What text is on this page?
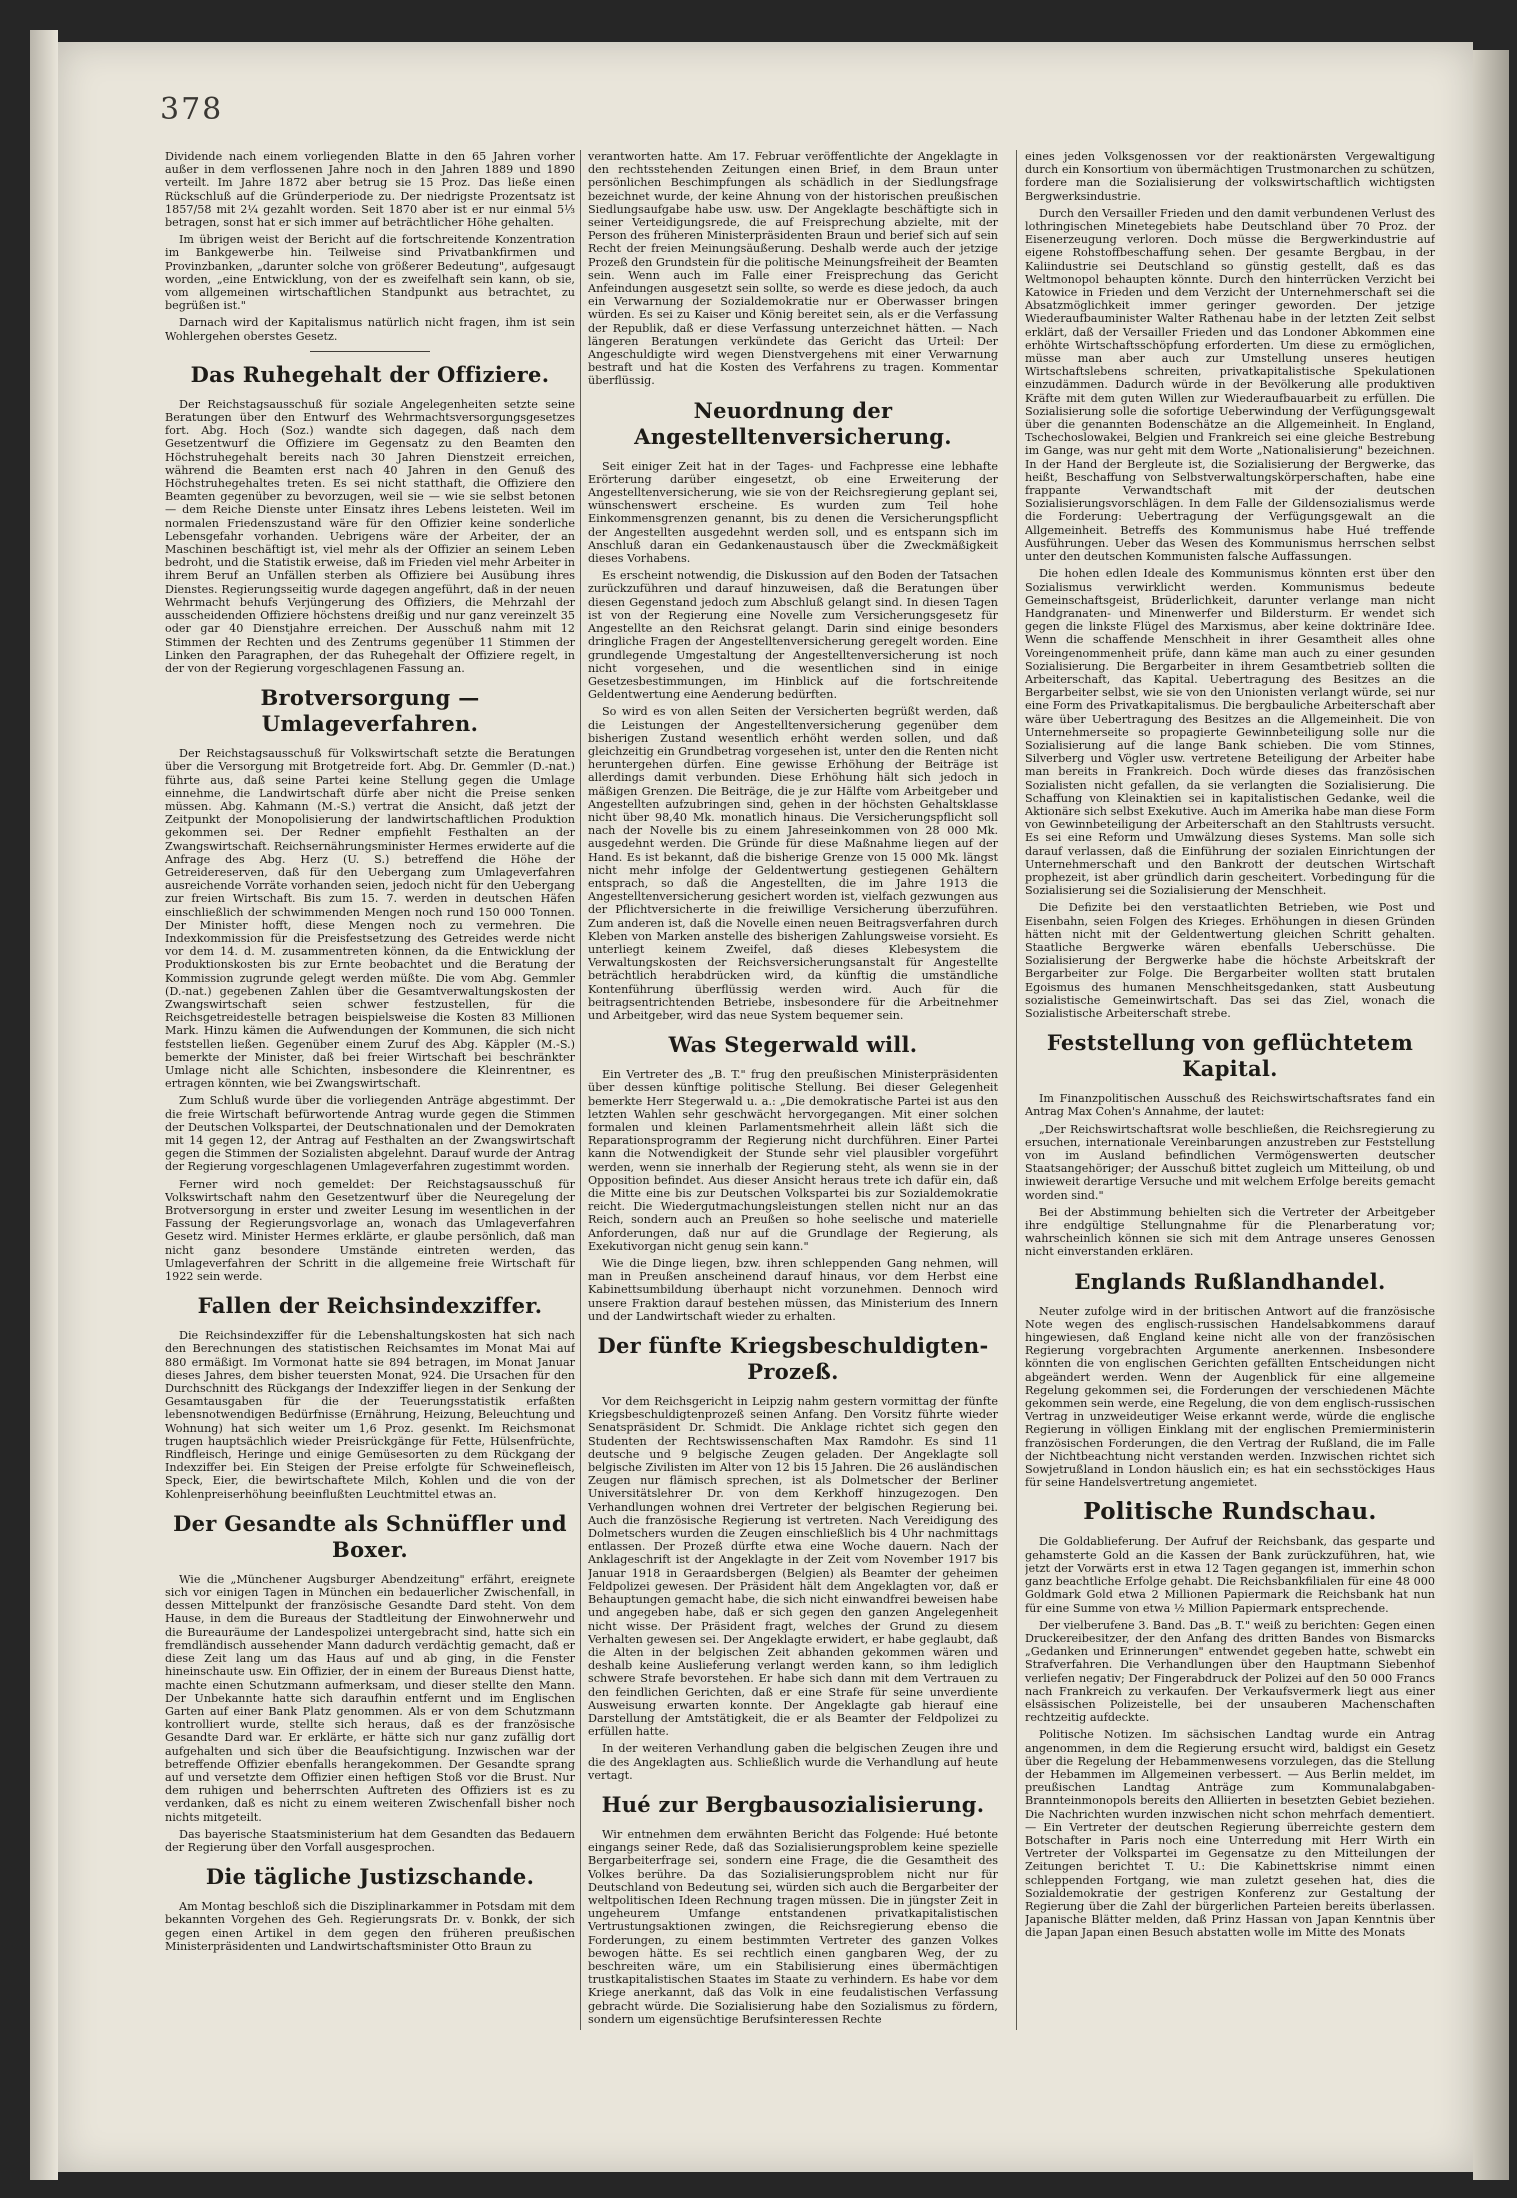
378

Dividende nach einem vorliegenden Blatte in den 65 Jahren vorher außer in dem verflossenen Jahre noch in den Jahren 1889 und 1890 verteilt. Im Jahre 1872 aber betrug sie 15 Proz. Das ließe einen Rückschluß auf die Gründerperiode zu. Der niedrigste Prozentsatz ist 1857/58 mit 2¼ gezahlt worden. Seit 1870 aber ist er nur einmal 5⅓ betragen, sonst hat er sich immer auf beträchtlicher Höhe gehalten.

Im übrigen weist der Bericht auf die fortschreitende Konzentration im Bankgewerbe hin. Teilweise sind Privatbankfirmen und Provinzbanken, „darunter solche von größerer Bedeutung", aufgesaugt worden, „eine Entwicklung, von der es zweifelhaft sein kann, ob sie, vom allgemeinen wirtschaftlichen Standpunkt aus betrachtet, zu begrüßen ist."

Darnach wird der Kapitalismus natürlich nicht fragen, ihm ist sein Wohlergehen oberstes Gesetz.

Das Ruhegehalt der Offiziere.

Der Reichstagsausschuß für soziale Angelegenheiten setzte seine Beratungen über den Entwurf des Wehrmachtsversorgungsgesetzes fort. Abg. Hoch (Soz.) wandte sich dagegen, daß nach dem Gesetzentwurf die Offiziere im Gegensatz zu den Beamten den Höchstruhegehalt bereits nach 30 Jahren Dienstzeit erreichen, während die Beamten erst nach 40 Jahren in den Genuß des Höchstruhegehaltes treten. Es sei nicht statthaft, die Offiziere den Beamten gegenüber zu bevorzugen, weil sie — wie sie selbst betonen — dem Reiche Dienste unter Einsatz ihres Lebens leisteten. Weil im normalen Friedenszustand wäre für den Offizier keine sonderliche Lebensgefahr vorhanden. Uebrigens wäre der Arbeiter, der an Maschinen beschäftigt ist, viel mehr als der Offizier an seinem Leben bedroht, und die Statistik erweise, daß im Frieden viel mehr Arbeiter in ihrem Beruf an Unfällen sterben als Offiziere bei Ausübung ihres Dienstes. Regierungsseitig wurde dagegen angeführt, daß in der neuen Wehrmacht behufs Verjüngerung des Offiziers, die Mehrzahl der ausscheidenden Offiziere höchstens dreißig und nur ganz vereinzelt 35 oder gar 40 Dienstjahre erreichen. Der Ausschuß nahm mit 12 Stimmen der Rechten und des Zentrums gegenüber 11 Stimmen der Linken den Paragraphen, der das Ruhegehalt der Offiziere regelt, in der von der Regierung vorgeschlagenen Fassung an.

Brotversorgung — Umlageverfahren.

Der Reichstagsausschuß für Volkswirtschaft setzte die Beratungen über die Versorgung mit Brotgetreide fort. Abg. Dr. Gemmler (D.-nat.) führte aus, daß seine Partei keine Stellung gegen die Umlage einnehme, die Landwirtschaft dürfe aber nicht die Preise senken müssen. Abg. Kahmann (M.-S.) vertrat die Ansicht, daß jetzt der Zeitpunkt der Monopolisierung der landwirtschaftlichen Produktion gekommen sei. Der Redner empfiehlt Festhalten an der Zwangswirtschaft. Reichsernährungsminister Hermes erwiderte auf die Anfrage des Abg. Herz (U. S.) betreffend die Höhe der Getreidereserven, daß für den Uebergang zum Umlageverfahren ausreichende Vorräte vorhanden seien, jedoch nicht für den Uebergang zur freien Wirtschaft. Bis zum 15. 7. werden in deutschen Häfen einschließlich der schwimmenden Mengen noch rund 150 000 Tonnen. Der Minister hofft, diese Mengen noch zu vermehren. Die Indexkommission für die Preisfestsetzung des Getreides werde nicht vor dem 14. d. M. zusammentreten können, da die Entwicklung der Produktionskosten bis zur Ernte beobachtet und die Beratung der Kommission zugrunde gelegt werden müßte. Die vom Abg. Gemmler (D.-nat.) gegebenen Zahlen über die Gesamtverwaltungskosten der Zwangswirtschaft seien schwer festzustellen, für die Reichsgetreidestelle betragen beispielsweise die Kosten 83 Millionen Mark. Hinzu kämen die Aufwendungen der Kommunen, die sich nicht feststellen ließen. Gegenüber einem Zuruf des Abg. Käppler (M.-S.) bemerkte der Minister, daß bei freier Wirtschaft bei beschränkter Umlage nicht alle Schichten, insbesondere die Kleinrentner, es ertragen könnten, wie bei Zwangswirtschaft.

Zum Schluß wurde über die vorliegenden Anträge abgestimmt. Der die freie Wirtschaft befürwortende Antrag wurde gegen die Stimmen der Deutschen Volkspartei, der Deutschnationalen und der Demokraten mit 14 gegen 12, der Antrag auf Festhalten an der Zwangswirtschaft gegen die Stimmen der Sozialisten abgelehnt. Darauf wurde der Antrag der Regierung vorgeschlagenen Umlageverfahren zugestimmt worden.

Ferner wird noch gemeldet: Der Reichstagsausschuß für Volkswirtschaft nahm den Gesetzentwurf über die Neuregelung der Brotversorgung in erster und zweiter Lesung im wesentlichen in der Fassung der Regierungsvorlage an, wonach das Umlageverfahren Gesetz wird. Minister Hermes erklärte, er glaube persönlich, daß man nicht ganz besondere Umstände eintreten werden, das Umlageverfahren der Schritt in die allgemeine freie Wirtschaft für 1922 sein werde.

Fallen der Reichsindexziffer.

Die Reichsindexziffer für die Lebenshaltungskosten hat sich nach den Berechnungen des statistischen Reichsamtes im Monat Mai auf 880 ermäßigt. Im Vormonat hatte sie 894 betragen, im Monat Januar dieses Jahres, dem bisher teuersten Monat, 924. Die Ursachen für den Durchschnitt des Rückgangs der Indexziffer liegen in der Senkung der Gesamtausgaben für die der Teuerungsstatistik erfaßten lebensnotwendigen Bedürfnisse (Ernährung, Heizung, Beleuchtung und Wohnung) hat sich weiter um 1,6 Proz. gesenkt. Im Reichsmonat trugen hauptsächlich wieder Preisrückgänge für Fette, Hülsenfrüchte, Rindfleisch, Heringe und einige Gemüsesorten zu dem Rückgang der Indexziffer bei. Ein Steigen der Preise erfolgte für Schweinefleisch, Speck, Eier, die bewirtschaftete Milch, Kohlen und die von der Kohlenpreiserhöhung beeinflußten Leuchtmittel etwas an.

Der Gesandte als Schnüffler und Boxer.

Wie die „Münchener Augsburger Abendzeitung" erfährt, ereignete sich vor einigen Tagen in München ein bedauerlicher Zwischenfall, in dessen Mittelpunkt der französische Gesandte Dard steht. Von dem Hause, in dem die Bureaus der Stadtleitung der Einwohnerwehr und die Bureauräume der Landespolizei untergebracht sind, hatte sich ein fremdländisch aussehender Mann dadurch verdächtig gemacht, daß er diese Zeit lang um das Haus auf und ab ging, in die Fenster hineinschaute usw. Ein Offizier, der in einem der Bureaus Dienst hatte, machte einen Schutzmann aufmerksam, und dieser stellte den Mann. Der Unbekannte hatte sich daraufhin entfernt und im Englischen Garten auf einer Bank Platz genommen. Als er von dem Schutzmann kontrolliert wurde, stellte sich heraus, daß es der französische Gesandte Dard war. Er erklärte, er hätte sich nur ganz zufällig dort aufgehalten und sich über die Beaufsichtigung. Inzwischen war der betreffende Offizier ebenfalls herangekommen. Der Gesandte sprang auf und versetzte dem Offizier einen heftigen Stoß vor die Brust. Nur dem ruhigen und beherrschten Auftreten des Offiziers ist es zu verdanken, daß es nicht zu einem weiteren Zwischenfall bisher noch nichts mitgeteilt.

Das bayerische Staatsministerium hat dem Gesandten das Bedauern der Regierung über den Vorfall ausgesprochen.

Die tägliche Justizschande.

Am Montag beschloß sich die Disziplinarkammer in Potsdam mit dem bekannten Vorgehen des Geh. Regierungsrats Dr. v. Bonkk, der sich gegen einen Artikel in dem gegen den früheren preußischen Ministerpräsidenten und Landwirtschaftsminister Otto Braun zu

verantworten hatte. Am 17. Februar veröffentlichte der Angeklagte in den rechtsstehenden Zeitungen einen Brief, in dem Braun unter persönlichen Beschimpfungen als schädlich in der Siedlungsfrage bezeichnet wurde, der keine Ahnung von der historischen preußischen Siedlungsaufgabe habe usw. usw. Der Angeklagte beschäftigte sich in seiner Verteidigungsrede, die auf Freisprechung abzielte, mit der Person des früheren Ministerpräsidenten Braun und berief sich auf sein Recht der freien Meinungsäußerung. Deshalb werde auch der jetzige Prozeß den Grundstein für die politische Meinungsfreiheit der Beamten sein. Wenn auch im Falle einer Freisprechung das Gericht Anfeindungen ausgesetzt sein sollte, so werde es diese jedoch, da auch ein Verwarnung der Sozialdemokratie nur er Oberwasser bringen würden. Es sei zu Kaiser und König bereitet sein, als er die Verfassung der Republik, daß er diese Verfassung unterzeichnet hätten. — Nach längeren Beratungen verkündete das Gericht das Urteil: Der Angeschuldigte wird wegen Dienstvergehens mit einer Verwarnung bestraft und hat die Kosten des Verfahrens zu tragen. Kommentar überflüssig.

Neuordnung der Angestelltenversicherung.

Seit einiger Zeit hat in der Tages- und Fachpresse eine lebhafte Erörterung darüber eingesetzt, ob eine Erweiterung der Angestelltenversicherung, wie sie von der Reichsregierung geplant sei, wünschenswert erscheine. Es wurden zum Teil hohe Einkommensgrenzen genannt, bis zu denen die Versicherungspflicht der Angestellten ausgedehnt werden soll, und es entspann sich im Anschluß daran ein Gedankenaustausch über die Zweckmäßigkeit dieses Vorhabens.

Es erscheint notwendig, die Diskussion auf den Boden der Tatsachen zurückzuführen und darauf hinzuweisen, daß die Beratungen über diesen Gegenstand jedoch zum Abschluß gelangt sind. In diesen Tagen ist von der Regierung eine Novelle zum Versicherungsgesetz für Angestellte an den Reichsrat gelangt. Darin sind einige besonders dringliche Fragen der Angestelltenversicherung geregelt worden. Eine grundlegende Umgestaltung der Angestelltenversicherung ist noch nicht vorgesehen, und die wesentlichen sind in einige Gesetzesbestimmungen, im Hinblick auf die fortschreitende Geldentwertung eine Aenderung bedürften.

So wird es von allen Seiten der Versicherten begrüßt werden, daß die Leistungen der Angestelltenversicherung gegenüber dem bisherigen Zustand wesentlich erhöht werden sollen, und daß gleichzeitig ein Grundbetrag vorgesehen ist, unter den die Renten nicht heruntergehen dürfen. Eine gewisse Erhöhung der Beiträge ist allerdings damit verbunden. Diese Erhöhung hält sich jedoch in mäßigen Grenzen. Die Beiträge, die je zur Hälfte vom Arbeitgeber und Angestellten aufzubringen sind, gehen in der höchsten Gehaltsklasse nicht über 98,40 Mk. monatlich hinaus. Die Versicherungspflicht soll nach der Novelle bis zu einem Jahreseinkommen von 28 000 Mk. ausgedehnt werden. Die Gründe für diese Maßnahme liegen auf der Hand. Es ist bekannt, daß die bisherige Grenze von 15 000 Mk. längst nicht mehr infolge der Geldentwertung gestiegenen Gehältern entsprach, so daß die Angestellten, die im Jahre 1913 die Angestelltenversicherung gesichert worden ist, vielfach gezwungen aus der Pflichtversicherte in die freiwillige Versicherung überzuführen. Zum anderen ist, daß die Novelle einen neuen Beitragsverfahren durch Kleben von Marken anstelle des bisherigen Zahlungsweise vorsieht. Es unterliegt keinem Zweifel, daß dieses Klebesystem die Verwaltungskosten der Reichsversicherungsanstalt für Angestellte beträchtlich herabdrücken wird, da künftig die umständliche Kontenführung überflüssig werden wird. Auch für die beitragsentrichtenden Betriebe, insbesondere für die Arbeitnehmer und Arbeitgeber, wird das neue System bequemer sein.

Was Stegerwald will.

Ein Vertreter des „B. T." frug den preußischen Ministerpräsidenten über dessen künftige politische Stellung. Bei dieser Gelegenheit bemerkte Herr Stegerwald u. a.: „Die demokratische Partei ist aus den letzten Wahlen sehr geschwächt hervorgegangen. Mit einer solchen formalen und kleinen Parlamentsmehrheit allein läßt sich die Reparationsprogramm der Regierung nicht durchführen. Einer Partei kann die Notwendigkeit der Stunde sehr viel plausibler vorgeführt werden, wenn sie innerhalb der Regierung steht, als wenn sie in der Opposition befindet. Aus dieser Ansicht heraus trete ich dafür ein, daß die Mitte eine bis zur Deutschen Volkspartei bis zur Sozialdemokratie reicht. Die Wiedergutmachungsleistungen stellen nicht nur an das Reich, sondern auch an Preußen so hohe seelische und materielle Anforderungen, daß nur auf die Grundlage der Regierung, als Exekutivorgan nicht genug sein kann."

Wie die Dinge liegen, bzw. ihren schleppenden Gang nehmen, will man in Preußen anscheinend darauf hinaus, vor dem Herbst eine Kabinettsumbildung überhaupt nicht vorzunehmen. Dennoch wird unsere Fraktion darauf bestehen müssen, das Ministerium des Innern und der Landwirtschaft wieder zu erhalten.

Der fünfte Kriegsbeschuldigten-Prozeß.

Vor dem Reichsgericht in Leipzig nahm gestern vormittag der fünfte Kriegsbeschuldigtenprozeß seinen Anfang. Den Vorsitz führte wieder Senatspräsident Dr. Schmidt. Die Anklage richtet sich gegen den Studenten der Rechtswissenschaften Max Ramdohr. Es sind 11 deutsche und 9 belgische Zeugen geladen. Der Angeklagte soll belgische Zivilisten im Alter von 12 bis 15 Jahren. Die 26 ausländischen Zeugen nur flämisch sprechen, ist als Dolmetscher der Berliner Universitätslehrer Dr. von dem Kerkhoff hinzugezogen. Den Verhandlungen wohnen drei Vertreter der belgischen Regierung bei. Auch die französische Regierung ist vertreten. Nach Vereidigung des Dolmetschers wurden die Zeugen einschließlich bis 4 Uhr nachmittags entlassen. Der Prozeß dürfte etwa eine Woche dauern. Nach der Anklageschrift ist der Angeklagte in der Zeit vom November 1917 bis Januar 1918 in Geraardsbergen (Belgien) als Beamter der geheimen Feldpolizei gewesen. Der Präsident hält dem Angeklagten vor, daß er Behauptungen gemacht habe, die sich nicht einwandfrei beweisen habe und angegeben habe, daß er sich gegen den ganzen Angelegenheit nicht wisse. Der Präsident fragt, welches der Grund zu diesem Verhalten gewesen sei. Der Angeklagte erwidert, er habe geglaubt, daß die Alten in der belgischen Zeit abhanden gekommen wären und deshalb keine Auslieferung verlangt werden kann, so ihm lediglich schwere Strafe bevorstehen. Er habe sich dann mit dem Vertrauen zu den feindlichen Gerichten, daß er eine Strafe für seine unverdiente Ausweisung erwarten konnte. Der Angeklagte gab hierauf eine Darstellung der Amtstätigkeit, die er als Beamter der Feldpolizei zu erfüllen hatte.

In der weiteren Verhandlung gaben die belgischen Zeugen ihre und die des Angeklagten aus. Schließlich wurde die Verhandlung auf heute vertagt.

Hué zur Bergbausozialisierung.

Wir entnehmen dem erwähnten Bericht das Folgende: Hué betonte eingangs seiner Rede, daß das Sozialisierungsproblem keine spezielle Bergarbeiterfrage sei, sondern eine Frage, die die Gesamtheit des Volkes berühre. Da das Sozialisierungsproblem nicht nur für Deutschland von Bedeutung sei, würden sich auch die Bergarbeiter der weltpolitischen Ideen Rechnung tragen müssen. Die in jüngster Zeit in ungeheurem Umfange entstandenen privatkapitalistischen Vertrustungsaktionen zwingen, die Reichsregierung ebenso die Forderungen, zu einem bestimmten Vertreter des ganzen Volkes bewogen hätte. Es sei rechtlich einen gangbaren Weg, der zu beschreiten wäre, um ein Stabilisierung eines übermächtigen trustkapitalistischen Staates im Staate zu verhindern. Es habe vor dem Kriege anerkannt, daß das Volk in eine feudalistischen Verfassung gebracht würde. Die Sozialisierung habe den Sozialismus zu fördern, sondern um eigensüchtige Berufsinteressen Rechte

eines jeden Volksgenossen vor der reaktionärsten Vergewaltigung durch ein Konsortium von übermächtigen Trustmonarchen zu schützen, fordere man die Sozialisierung der volkswirtschaftlich wichtigsten Bergwerksindustrie.

Durch den Versailler Frieden und den damit verbundenen Verlust des lothringischen Minetegebiets habe Deutschland über 70 Proz. der Eisenerzeugung verloren. Doch müsse die Bergwerkindustrie auf eigene Rohstoffbeschaffung sehen. Der gesamte Bergbau, in der Kaliindustrie sei Deutschland so günstig gestellt, daß es das Weltmonopol behaupten könnte. Durch den hinterrücken Verzicht bei Katowice in Frieden und dem Verzicht der Unternehmerschaft sei die Absatzmöglichkeit immer geringer geworden. Der jetzige Wiederaufbauminister Walter Rathenau habe in der letzten Zeit selbst erklärt, daß der Versailler Frieden und das Londoner Abkommen eine erhöhte Wirtschaftsschöpfung erforderten. Um diese zu ermöglichen, müsse man aber auch zur Umstellung unseres heutigen Wirtschaftslebens schreiten, privatkapitalistische Spekulationen einzudämmen. Dadurch würde in der Bevölkerung alle produktiven Kräfte mit dem guten Willen zur Wiederaufbauarbeit zu erfüllen. Die Sozialisierung solle die sofortige Ueberwindung der Verfügungsgewalt über die genannten Bodenschätze an die Allgemeinheit. In England, Tschechoslowakei, Belgien und Frankreich sei eine gleiche Bestrebung im Gange, was nur geht mit dem Worte „Nationalisierung" bezeichnen. In der Hand der Bergleute ist, die Sozialisierung der Bergwerke, das heißt, Beschaffung von Selbstverwaltungskörperschaften, habe eine frappante Verwandtschaft mit der deutschen Sozialisierungsvorschlägen. In dem Falle der Gildensozialismus werde die Forderung: Uebertragung der Verfügungsgewalt an die Allgemeinheit. Betreffs des Kommunismus habe Hué treffende Ausführungen. Ueber das Wesen des Kommunismus herrschen selbst unter den deutschen Kommunisten falsche Auffassungen.

Die hohen edlen Ideale des Kommunismus könnten erst über den Sozialismus verwirklicht werden. Kommunismus bedeute Gemeinschaftsgeist, Brüderlichkeit, darunter verlange man nicht Handgranaten- und Minenwerfer und Bildersturm. Er wendet sich gegen die linkste Flügel des Marxismus, aber keine doktrinäre Idee. Wenn die schaffende Menschheit in ihrer Gesamtheit alles ohne Voreingenommenheit prüfe, dann käme man auch zu einer gesunden Sozialisierung. Die Bergarbeiter in ihrem Gesamtbetrieb sollten die Arbeiterschaft, das Kapital. Uebertragung des Besitzes an die Bergarbeiter selbst, wie sie von den Unionisten verlangt würde, sei nur eine Form des Privatkapitalismus. Die bergbauliche Arbeiterschaft aber wäre über Uebertragung des Besitzes an die Allgemeinheit. Die von Unternehmerseite so propagierte Gewinnbeteiligung solle nur die Sozialisierung auf die lange Bank schieben. Die vom Stinnes, Silverberg und Vögler usw. vertretene Beteiligung der Arbeiter habe man bereits in Frankreich. Doch würde dieses das französischen Sozialisten nicht gefallen, da sie verlangten die Sozialisierung. Die Schaffung von Kleinaktien sei in kapitalistischen Gedanke, weil die Aktionäre sich selbst Exekutive. Auch im Amerika habe man diese Form von Gewinnbeteiligung der Arbeiterschaft an den Stahltrusts versucht. Es sei eine Reform und Umwälzung dieses Systems. Man solle sich darauf verlassen, daß die Einführung der sozialen Einrichtungen der Unternehmerschaft und den Bankrott der deutschen Wirtschaft prophezeit, ist aber gründlich darin gescheitert. Vorbedingung für die Sozialisierung sei die Sozialisierung der Menschheit.

Die Defizite bei den verstaatlichten Betrieben, wie Post und Eisenbahn, seien Folgen des Krieges. Erhöhungen in diesen Gründen hätten nicht mit der Geldentwertung gleichen Schritt gehalten. Staatliche Bergwerke wären ebenfalls Ueberschüsse. Die Sozialisierung der Bergwerke habe die höchste Arbeitskraft der Bergarbeiter zur Folge. Die Bergarbeiter wollten statt brutalen Egoismus des humanen Menschheitsgedanken, statt Ausbeutung sozialistische Gemeinwirtschaft. Das sei das Ziel, wonach die Sozialistische Arbeiterschaft strebe.

Feststellung von geflüchtetem Kapital.

Im Finanzpolitischen Ausschuß des Reichswirtschaftsrates fand ein Antrag Max Cohen's Annahme, der lautet:

„Der Reichswirtschaftsrat wolle beschließen, die Reichsregierung zu ersuchen, internationale Vereinbarungen anzustreben zur Feststellung von im Ausland befindlichen Vermögenswerten deutscher Staatsangehöriger; der Ausschuß bittet zugleich um Mitteilung, ob und inwieweit derartige Versuche und mit welchem Erfolge bereits gemacht worden sind."

Bei der Abstimmung behielten sich die Vertreter der Arbeitgeber ihre endgültige Stellungnahme für die Plenarberatung vor; wahrscheinlich können sie sich mit dem Antrage unseres Genossen nicht einverstanden erklären.

Englands Rußlandhandel.

Neuter zufolge wird in der britischen Antwort auf die französische Note wegen des englisch-russischen Handelsabkommens darauf hingewiesen, daß England keine nicht alle von der französischen Regierung vorgebrachten Argumente anerkennen. Insbesondere könnten die von englischen Gerichten gefällten Entscheidungen nicht abgeändert werden. Wenn der Augenblick für eine allgemeine Regelung gekommen sei, die Forderungen der verschiedenen Mächte gekommen sein werde, eine Regelung, die von dem englisch-russischen Vertrag in unzweideutiger Weise erkannt werde, würde die englische Regierung in völligen Einklang mit der englischen Premierministerin französischen Forderungen, die den Vertrag der Rußland, die im Falle der Nichtbeachtung nicht verstanden werden. Inzwischen richtet sich Sowjetrußland in London häuslich ein; es hat ein sechsstöckiges Haus für seine Handelsvertretung angemietet.

Politische Rundschau.

Die Goldablieferung. Der Aufruf der Reichsbank, das gesparte und gehamsterte Gold an die Kassen der Bank zurückzuführen, hat, wie jetzt der Vorwärts erst in etwa 12 Tagen gegangen ist, immerhin schon ganz beachtliche Erfolge gehabt. Die Reichsbankfilialen für eine 48 000 Goldmark Gold etwa 2 Millionen Papiermark die Reichsbank hat nun für eine Summe von etwa ½ Million Papiermark entsprechende.

Der vielberufene 3. Band. Das „B. T." weiß zu berichten: Gegen einen Druckereibesitzer, der den Anfang des dritten Bandes von Bismarcks „Gedanken und Erinnerungen" entwendet gegeben hatte, schwebt ein Strafverfahren. Die Verhandlungen über den Hauptmann Siebenhof verliefen negativ; Der Fingerabdruck der Polizei auf den 50 000 Francs nach Frankreich zu verkaufen. Der Verkaufsvermerk liegt aus einer elsässischen Polizeistelle, bei der unsauberen Machenschaften rechtzeitig aufdeckte.

Politische Notizen. Im sächsischen Landtag wurde ein Antrag angenommen, in dem die Regierung ersucht wird, baldigst ein Gesetz über die Regelung der Hebammenwesens vorzulegen, das die Stellung der Hebammen im Allgemeinen verbessert. — Aus Berlin meldet, im preußischen Landtag Anträge zum Kommunalabgaben-Brannteinmonopols bereits den Alliierten in besetzten Gebiet beziehen. Die Nachrichten wurden inzwischen nicht schon mehrfach dementiert. — Ein Vertreter der deutschen Regierung überreichte gestern dem Botschafter in Paris noch eine Unterredung mit Herr Wirth ein Vertreter der Volkspartei im Gegensatze zu den Mitteilungen der Zeitungen berichtet T. U.: Die Kabinettskrise nimmt einen schleppenden Fortgang, wie man zuletzt gesehen hat, dies die Sozialdemokratie der gestrigen Konferenz zur Gestaltung der Regierung über die Zahl der bürgerlichen Parteien bereits überlassen. Japanische Blätter melden, daß Prinz Hassan von Japan Kenntnis über die Japan Japan einen Besuch abstatten wolle im Mitte des Monats
